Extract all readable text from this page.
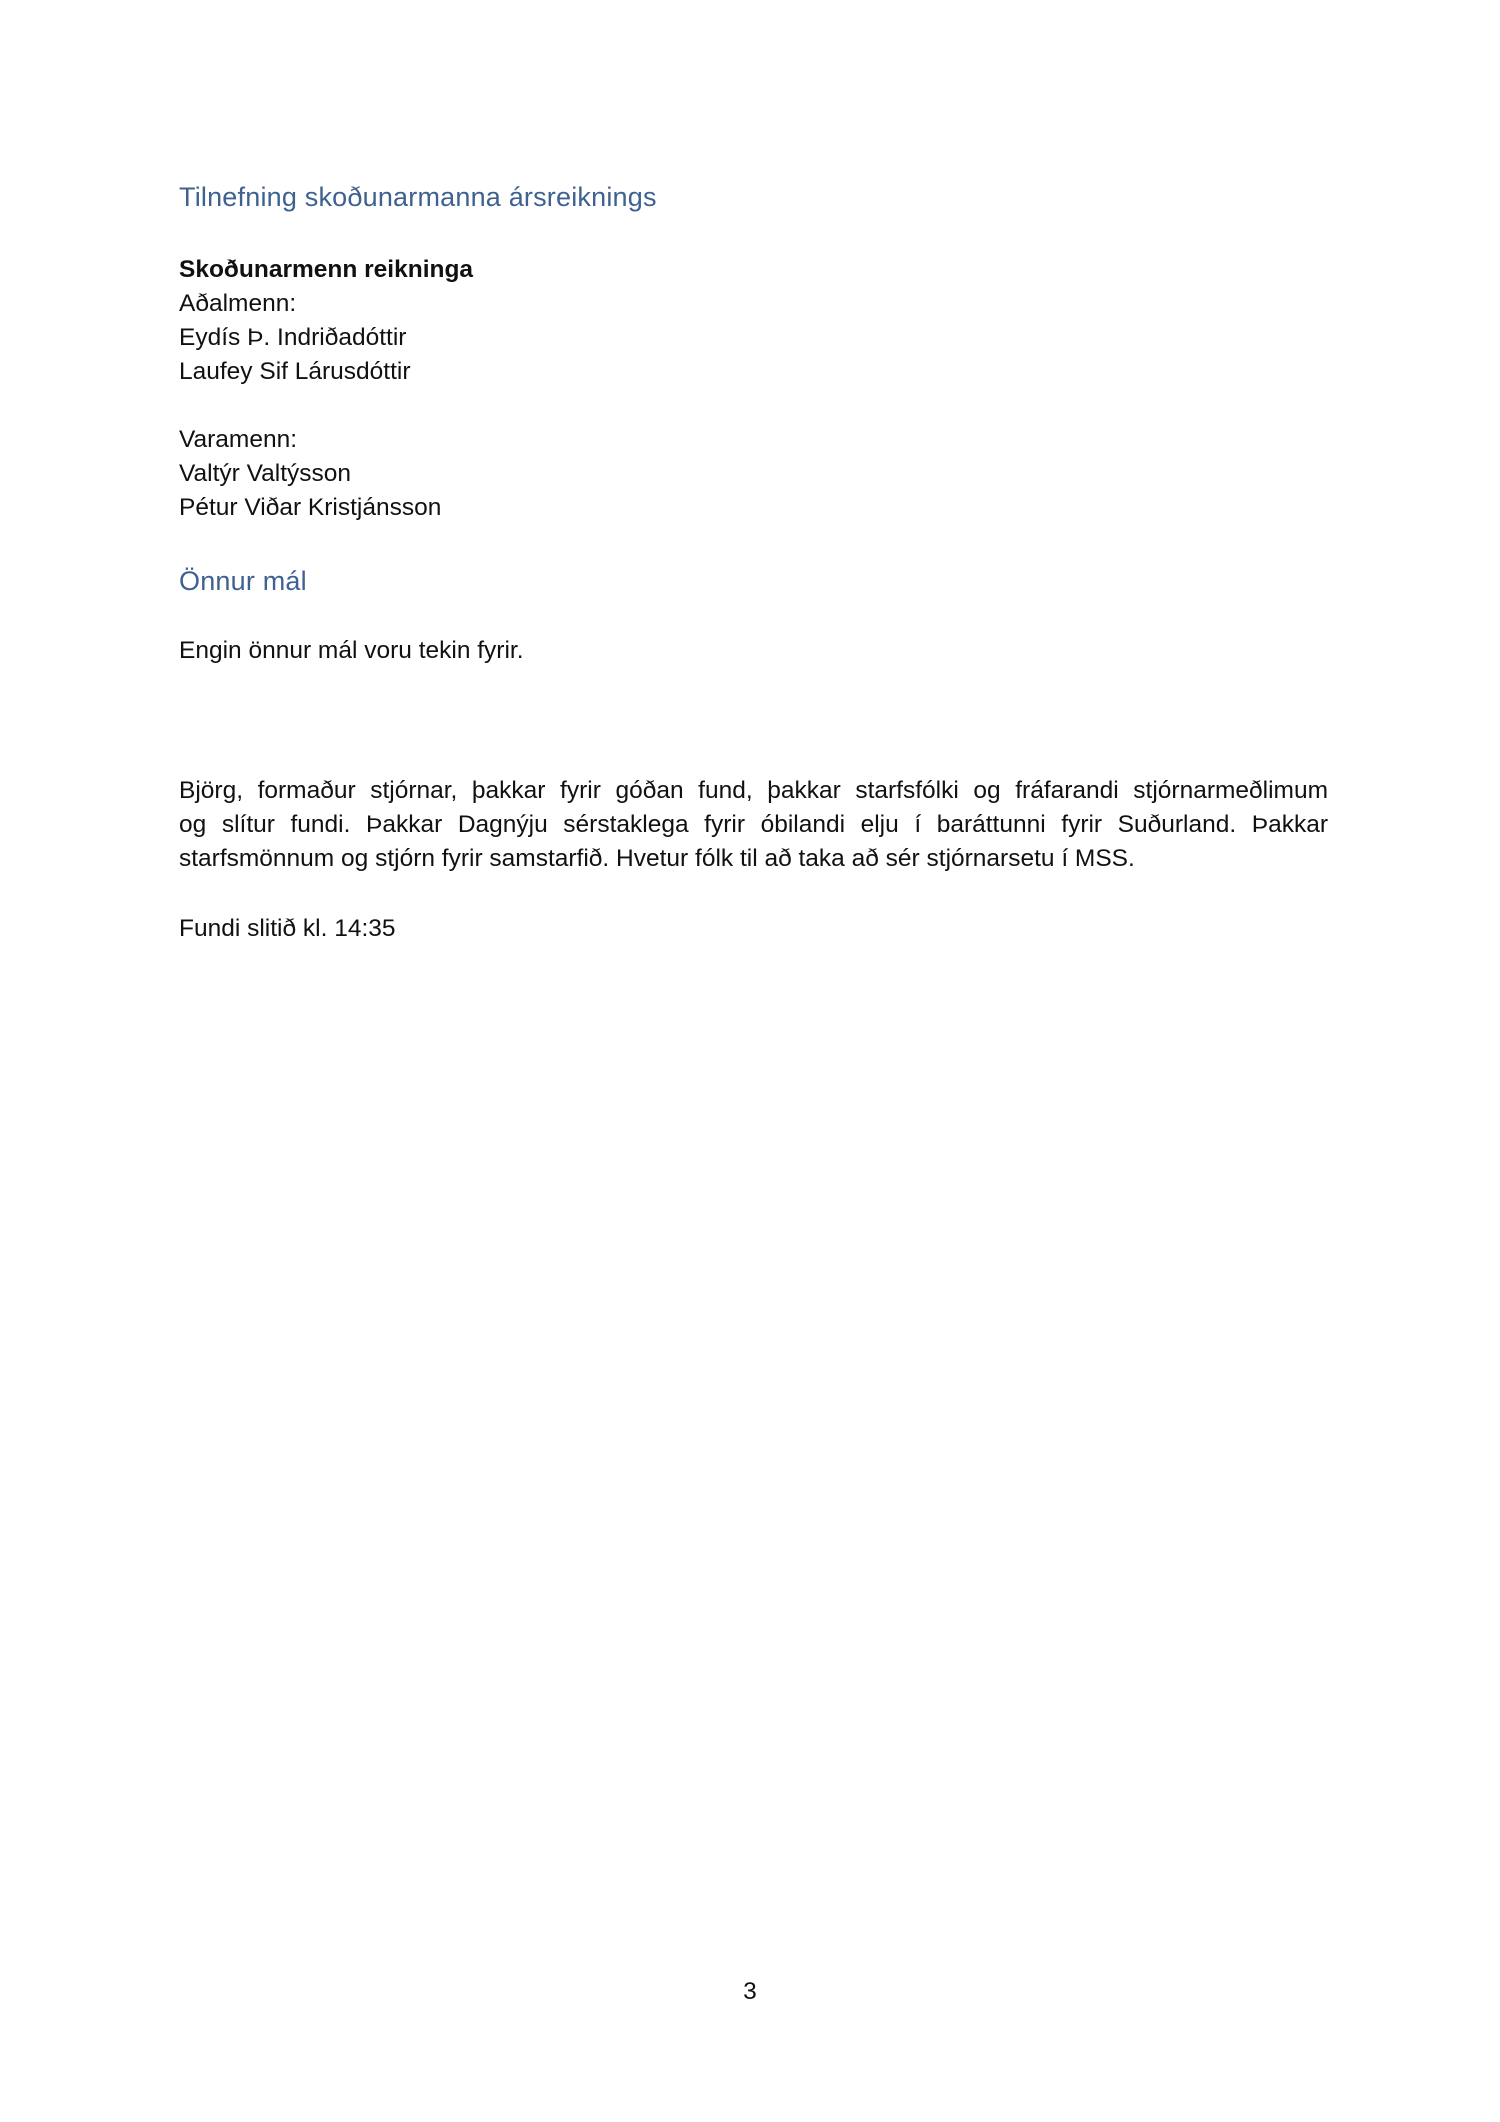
Tilnefning skoðunarmanna ársreiknings

Skoðunarmenn reikninga

Aðalmenn:

Eydís Þ. Indriðadóttir

Laufey Sif Lárusdóttir

Varamenn:

Valtýr Valtýsson

Pétur Viðar Kristjánsson

Önnur mál

Engin önnur mál voru tekin fyrir.

Björg, formaður stjórnar, þakkar fyrir góðan fund, þakkar starfsfólki og fráfarandi stjórnarmeðlimum
og slítur fundi. Þakkar Dagnýju sérstaklega fyrir óbilandi elju í baráttunni fyrir Suðurland. Þakkar
starfsmönnum og stjórn fyrir samstarfið. Hvetur fólk til að taka að sér stjórnarsetu í MSS.

Fundi slitið kl. 14:35

3
